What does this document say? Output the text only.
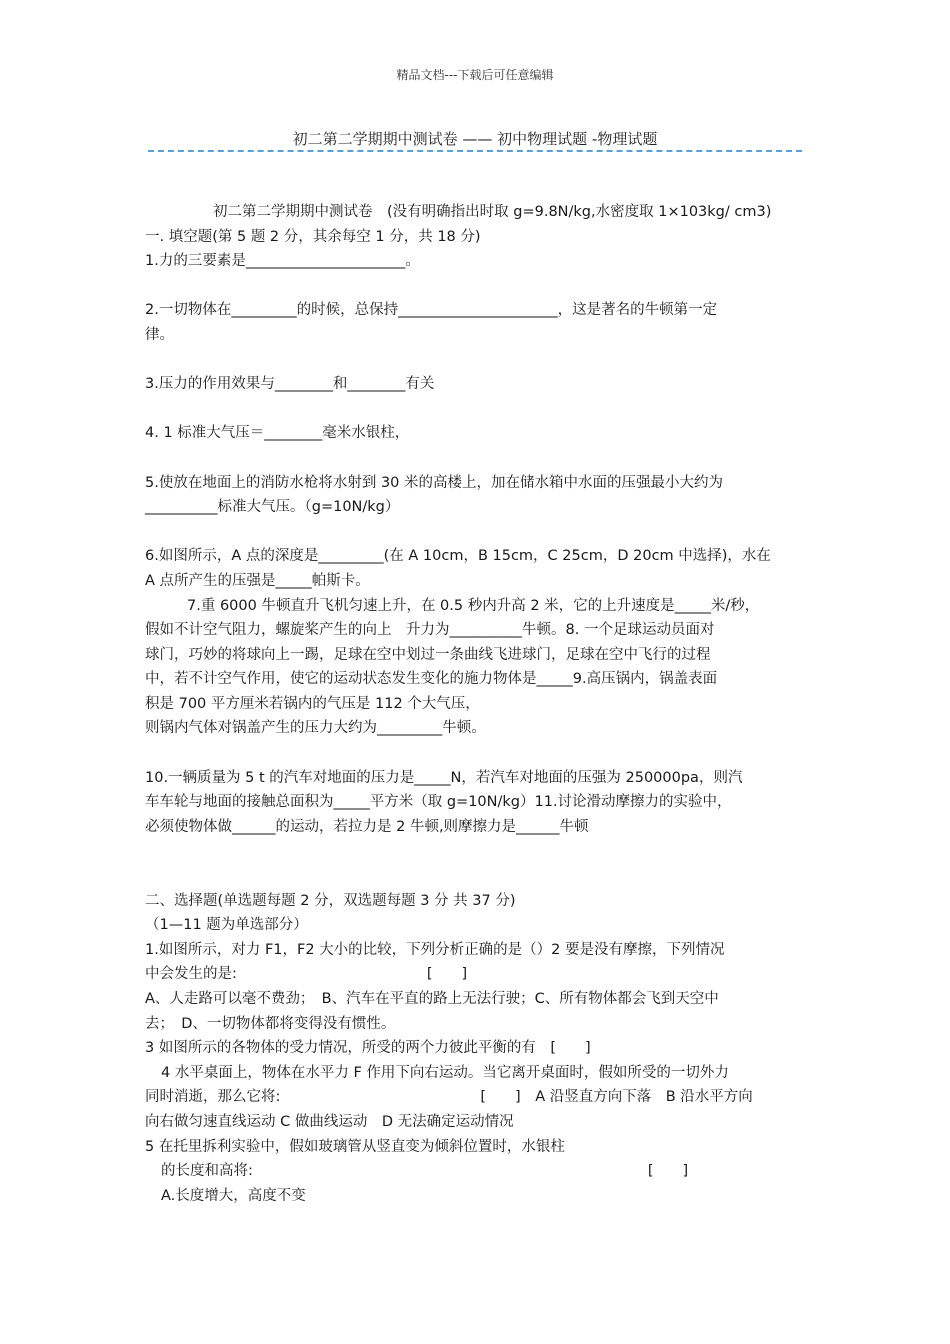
精品文档---下载后可任意编辑
初二第二学期期中测试卷 —— 初中物理试题 -物理试题

初二第二学期期中测试卷　(没有明确指出时取 g=9.8N/kg,水密度取 1×103kg/ cm3)

一. 填空题(第 5 题 2 分，其余每空 1 分，共 18 分)

1.力的三要素是______________________。

2.一切物体在_________的时候，总保持______________________，这是著名的牛顿第一定

律。

3.压力的作用效果与________和________有关

4. 1 标准大气压＝________毫米水银柱，

5.使放在地面上的消防水枪将水射到 30 米的高楼上，加在储水箱中水面的压强最小大约为

__________标准大气压。（g=10N/kg）

6.如图所示，A 点的深度是_________(在 A 10cm，B 15cm，C 25cm，D 20cm 中选择)，水在

A 点所产生的压强是_____帕斯卡。

7.重 6000 牛顿直升飞机匀速上升，在 0.5 秒内升高 2 米，它的上升速度是_____米/秒，

假如不计空气阻力，螺旋桨产生的向上　升力为__________牛顿。8. 一个足球运动员面对

球门，巧妙的将球向上一踢，足球在空中划过一条曲线飞进球门，足球在空中飞行的过程

中，若不计空气作用，使它的运动状态发生变化的施力物体是_____9.高压锅内，锅盖表面

积是 700 平方厘米若锅内的气压是 112 个大气压，

则锅内气体对锅盖产生的压力大约为_________牛顿。

10.一辆质量为 5 t 的汽车对地面的压力是_____N，若汽车对地面的压强为 250000pa，则汽

车车轮与地面的接触总面积为_____平方米（取 g=10N/kg）11.讨论滑动摩擦力的实验中，

必须使物体做______的运动，若拉力是 2 牛顿,则摩擦力是______牛顿

二、选择题(单选题每题 2 分，双选题每题 3 分 共 37 分)

（1—11 题为单选部分）

1.如图所示，对力 F1，F2 大小的比较，下列分析正确的是（）2 要是没有摩擦，下列情况

中会发生的是:	[　　]

A、人走路可以毫不费劲；　B、汽车在平直的路上无法行驶；C、所有物体都会飞到天空中

去；　D、一切物体都将变得没有惯性。

3 如图所示的各物体的受力情况，所受的两个力彼此平衡的有　[　　]

4 水平桌面上，物体在水平力 F 作用下向右运动。当它离开桌面时，假如所受的一切外力

同时消逝，那么它将:	[　　]　A 沿竖直方向下落　B 沿水平方向

向右做匀速直线运动 C 做曲线运动　D 无法确定运动情况

5 在托里拆利实验中，假如玻璃管从竖直变为倾斜位置时，水银柱

的长度和高将:	[　　]

A.长度增大，高度不变
